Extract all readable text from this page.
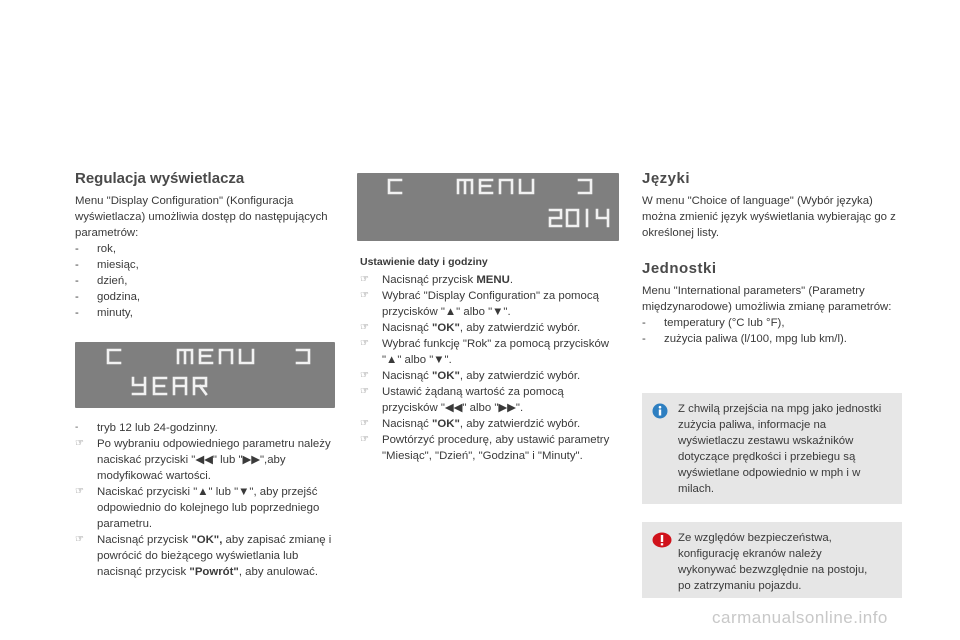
Regulacja wyświetlacza

Menu "Display Configuration" (Konfiguracja wyświetlacza) umożliwia dostęp do następujących parametrów:

-	rok,
-	miesiąc,
-	dzień,
-	godzina,
-	minuty,
-	tryb 12 lub 24-godzinny.
☞	Po wybraniu odpowiedniego parametru należy naciskać przyciski "◀◀" lub "▶▶",aby modyfikować wartości.
☞	Naciskać przyciski "▲" lub "▼", aby przejść odpowiednio do kolejnego lub poprzedniego parametru.
☞	Nacisnąć przycisk "OK", aby zapisać zmianę i powrócić do bieżącego wyświetlania lub nacisnąć przycisk "Powrót", aby anulować.
Ustawienie daty i godziny
☞	Nacisnąć przycisk MENU.
☞	Wybrać "Display Configuration" za pomocą przycisków "▲" albo "▼".
☞	Nacisnąć "OK", aby zatwierdzić wybór.
☞	Wybrać funkcję "Rok" za pomocą przycisków "▲" albo "▼".
☞	Nacisnąć "OK", aby zatwierdzić wybór.
☞	Ustawić żądaną wartość za pomocą przycisków "◀◀" albo "▶▶".
☞	Nacisnąć "OK", aby zatwierdzić wybór.
☞	Powtórzyć procedurę, aby ustawić parametry "Miesiąc", "Dzień", "Godzina" i "Minuty".
Języki

W menu "Choice of language" (Wybór języka) można zmienić język wyświetlania wybierając go z określonej listy.

Jednostki

Menu "International parameters" (Parametry międzynarodowe) umożliwia zmianę parametrów:

-	temperatury (°C lub °F),
-	zużycia paliwa (l/100, mpg lub km/l).
Z chwilą przejścia na mpg jako jednostki zużycia paliwa, informacje na wyświetlaczu zestawu wskaźników dotyczące prędkości i przebiegu są wyświetlane odpowiednio w mph i w milach.
Ze względów bezpieczeństwa, konfigurację ekranów należy wykonywać bezwzględnie na postoju, po zatrzymaniu pojazdu.
carmanualsonline.info
